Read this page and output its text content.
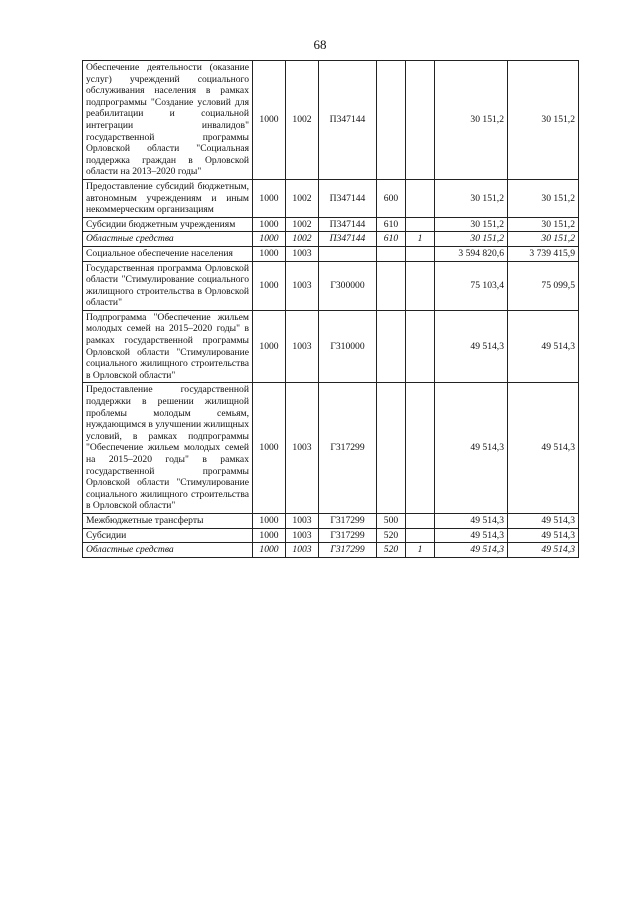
68
Обеспечение деятельности (оказание услуг) учреждений социального обслуживания населения в рамках подпрограммы "Создание условий для реабилитации и социальной интеграции инвалидов" государственной программы Орловской области "Социальная поддержка граждан в Орловской области на 2013–2020 годы"	1000	1002	П347144			30 151,2	30 151,2
Предоставление субсидий бюджетным, автономным учреждениям и иным некоммерческим организациям	1000	1002	П347144	600		30 151,2	30 151,2
Субсидии бюджетным учреждениям	1000	1002	П347144	610		30 151,2	30 151,2
Областные средства	1000	1002	П347144	610	1	30 151,2	30 151,2
Социальное обеспечение населения	1000	1003				3 594 820,6	3 739 415,9
Государственная программа Орловской области "Стимулирование социального жилищного строительства в Орловской области"	1000	1003	Г300000			75 103,4	75 099,5
Подпрограмма "Обеспечение жильем молодых семей на 2015–2020 годы" в рамках государственной программы Орловской области "Стимулирование социального жилищного строительства в Орловской области"	1000	1003	Г310000			49 514,3	49 514,3
Предоставление государственной поддержки в решении жилищной проблемы молодым семьям, нуждающимся в улучшении жилищных условий, в рамках подпрограммы "Обеспечение жильем молодых семей на 2015–2020 годы" в рамках государственной программы Орловской области "Стимулирование социального жилищного строительства в Орловской области"	1000	1003	Г317299			49 514,3	49 514,3
Межбюджетные трансферты	1000	1003	Г317299	500		49 514,3	49 514,3
Субсидии	1000	1003	Г317299	520		49 514,3	49 514,3
Областные средства	1000	1003	Г317299	520	1	49 514,3	49 514,3
